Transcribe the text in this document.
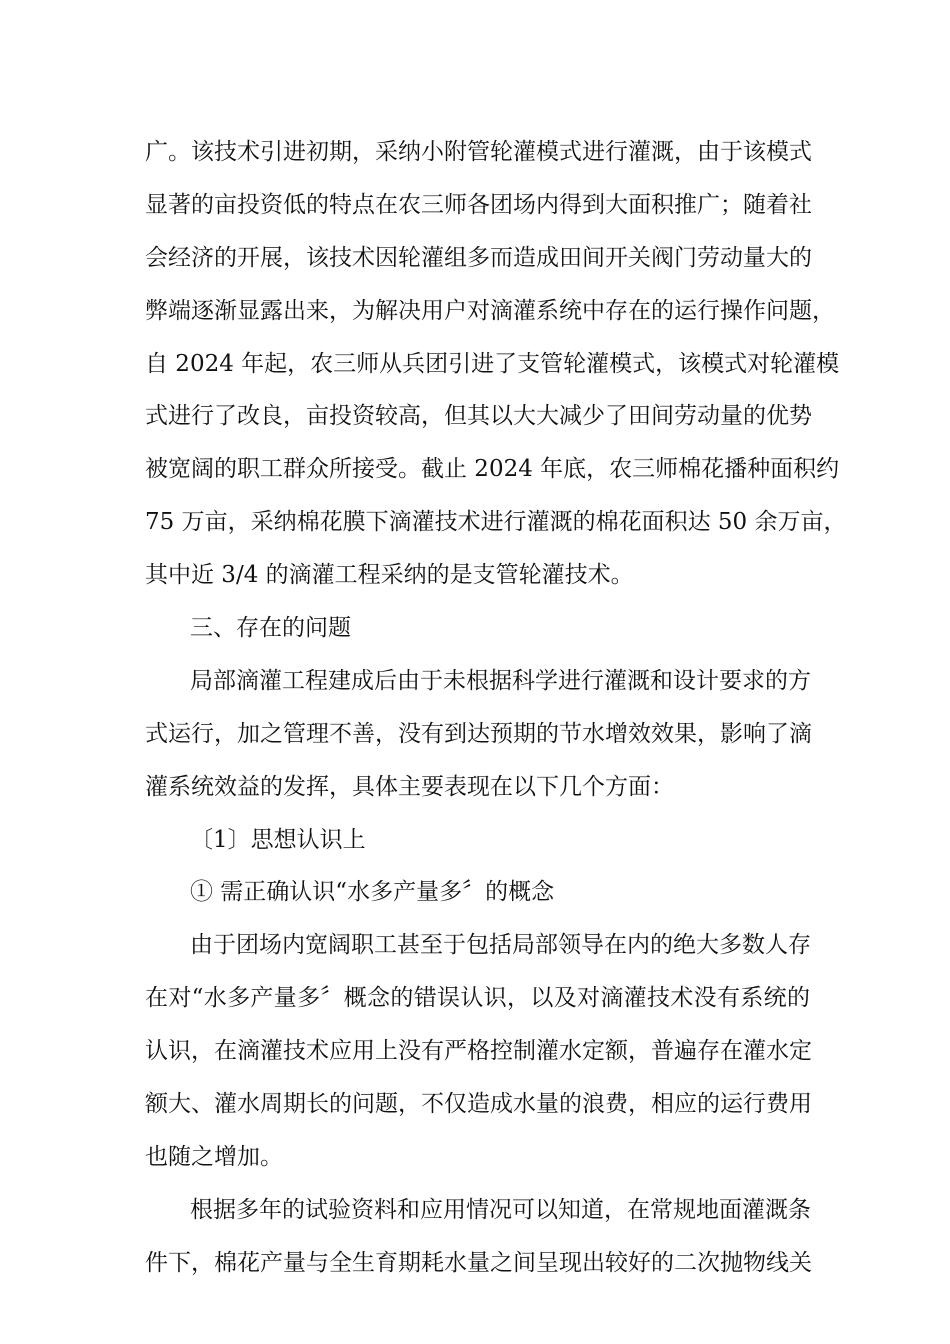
广。该技术引进初期，采纳小附管轮灌模式进行灌溉，由于该模式
显著的亩投资低的特点在农三师各团场内得到大面积推广；随着社
会经济的开展，该技术因轮灌组多而造成田间开关阀门劳动量大的
弊端逐渐显露出来，为解决用户对滴灌系统中存在的运行操作问题，
自 2024 年起，农三师从兵团引进了支管轮灌模式，该模式对轮灌模
式进行了改良，亩投资较高，但其以大大减少了田间劳动量的优势
被宽阔的职工群众所接受。截止 2024 年底，农三师棉花播种面积约
75 万亩，采纳棉花膜下滴灌技术进行灌溉的棉花面积达 50 余万亩，
其中近 3/4 的滴灌工程采纳的是支管轮灌技术。
三、存在的问题
局部滴灌工程建成后由于未根据科学进行灌溉和设计要求的方
式运行，加之管理不善，没有到达预期的节水增效效果，影响了滴
灌系统效益的发挥，具体主要表现在以下几个方面：
〔1〕思想认识上
① 需正确认识“水多产量多〞的概念
由于团场内宽阔职工甚至于包括局部领导在内的绝大多数人存
在对“水多产量多〞概念的错误认识，以及对滴灌技术没有系统的
认识，在滴灌技术应用上没有严格控制灌水定额，普遍存在灌水定
额大、灌水周期长的问题，不仅造成水量的浪费，相应的运行费用
也随之增加。
根据多年的试验资料和应用情况可以知道，在常规地面灌溉条
件下，棉花产量与全生育期耗水量之间呈现出较好的二次抛物线关
